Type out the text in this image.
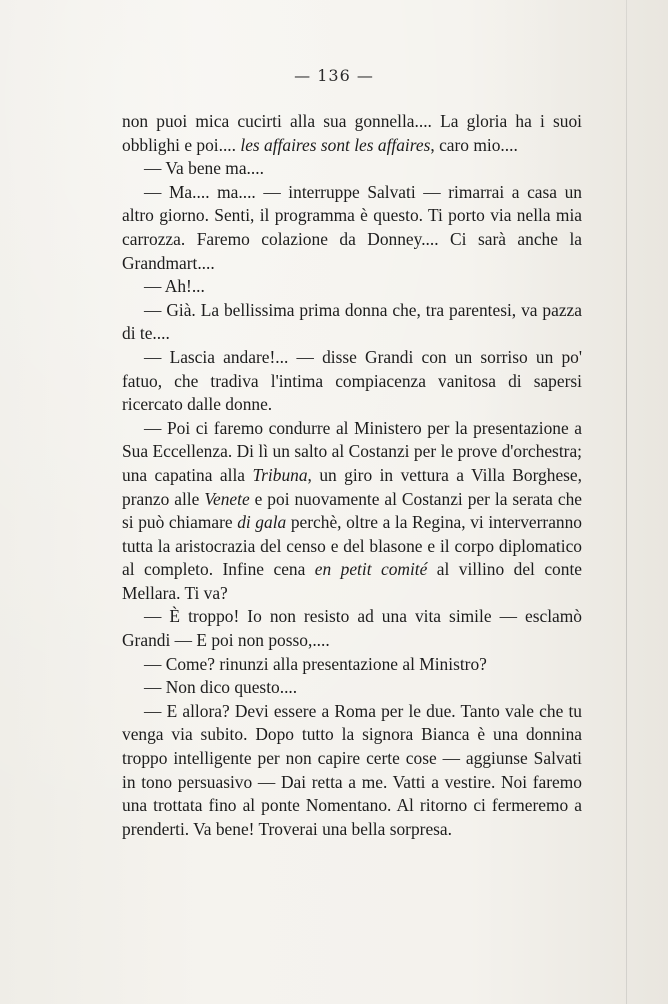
— 136 —

non puoi mica cucirti alla sua gonnella.... La gloria ha i suoi obblighi e poi.... les affaires sont les affaires, caro mio....

— Va bene ma....

— Ma.... ma.... — interruppe Salvati — rimarrai a casa un altro giorno. Senti, il programma è questo. Ti porto via nella mia carrozza. Faremo colazione da Donney.... Ci sarà anche la Grandmart....

— Ah!...

— Già. La bellissima prima donna che, tra parentesi, va pazza di te....

— Lascia andare!... — disse Grandi con un sorriso un po' fatuo, che tradiva l'intima compiacenza vanitosa di sapersi ricercato dalle donne.

— Poi ci faremo condurre al Ministero per la presentazione a Sua Eccellenza. Di lì un salto al Costanzi per le prove d'orchestra; una capatina alla Tribuna, un giro in vettura a Villa Borghese, pranzo alle Venete e poi nuovamente al Costanzi per la serata che si può chiamare di gala perchè, oltre a la Regina, vi interverranno tutta la aristocrazia del censo e del blasone e il corpo diplomatico al completo. Infine cena en petit comité al villino del conte Mellara. Ti va?

— È troppo! Io non resisto ad una vita simile — esclamò Grandi — E poi non posso,....

— Come? rinunzi alla presentazione al Ministro?

— Non dico questo....

— E allora? Devi essere a Roma per le due. Tanto vale che tu venga via subito. Dopo tutto la signora Bianca è una donnina troppo intelligente per non capire certe cose — aggiunse Salvati in tono persuasivo — Dai retta a me. Vatti a vestire. Noi faremo una trottata fino al ponte Nomentano. Al ritorno ci fermeremo a prenderti. Va bene! Troverai una bella sorpresa.
